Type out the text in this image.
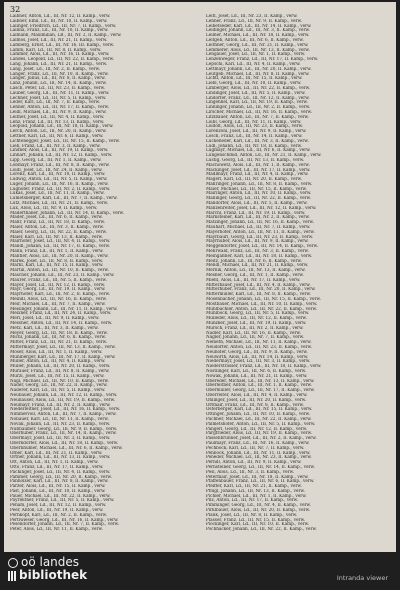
32
Laibner, Anton, Ld., III, Nr. 12, II. Kamp., verw.
Laibner, Emil, Ld., III, Nr. 10, II. Kamp., verw.
Lalinger, Friedrich, Ld., III, Nr. 7, II. Kamp., verw.
Lallina, Franz, Ld., III, Nr. 10, II. Kamp., verw.
Lalmann, Maximilian, LB., III, Nr. 2, II. Kamp., verw.
Lalmos, Josef, Ld., III, Nr. 21, II. Kamp., verw.
Lamberg, Ernst, Ld., III, Nr. 16, III. Kamp., verw.
Lamm, Karl, Ld., III, Nr. 8, II. Kamp., verw.
Lammer, Alois, Ld., III, Nr. 16, II. Kamp., verw.
Landes, Leopold, Ld., III, Nr. 22, II. Kamp., verw.
Lang, Johann, Ld., III, Nr. 21, II. Kamp., verw.
Lang, Josef, Ld., III, Nr. 2, II. Kamp., verw.
Langer, Franz, Ld., III, Nr. 10, II. Kamp., verw.
Langer, Julius, Ld., III, Nr. 8, II. Kamp., verw.
Lanz, Johann, Ld., III, Nr. 14, II. Kamp., verw.
Lasch, Peter, Ld., III, Nr. 23, II. Kamp., verw.
Lauber, Georg, Ld., III, Nr. 11, II. Kamp., verw.
Lechner, Josef, Ld., III, Nr. 5, II. Kamp., verw.
Leder, Karl, Ld., III, Nr. 7, II. Kamp., verw.
Lehner, Anton, Ld., III, Nr. 17, II. Kamp., verw.
Leidl, Michael, Ld., III, Nr. 9, II. Kamp., verw.
Leitner, Josef, Ld., III, Nr. 4, II. Kamp., verw.
Lenz, Franz, Ld., III, Nr. 13, II. Kamp., verw.
Leopold, Johann, Ld., III, Nr. 18, II. Kamp., verw.
Lerch, Anton, Ld., III, Nr. 20, II. Kamp., verw.
Lettner, Karl, Ld., III, Nr. 6, II. Kamp., verw.
Lichtenegger, Josef, Ld., III, Nr. 15, II. Kamp., verw.
Lieb, Franz, Ld., III, Nr. 3, II. Kamp., verw.
Lindner, Alois, Ld., III, Nr. 19, II. Kamp., verw.
Linhart, Johann, Ld., III, Nr. 12, II. Kamp., verw.
Lipp, Georg, Ld., III, Nr. 1, II. Kamp., verw.
Lobmayr, Franz, Ld., III, Nr. 8, II. Kamp., verw.
Loidl, Josef, Ld., III, Nr. 24, II. Kamp., verw.
Lorenz, Karl, Ld., III, Nr. 10, II. Kamp., verw.
Ludwig, Anton, Ld., III, Nr. 5, II. Kamp., verw.
Luger, Johann, Ld., III, Nr. 16, II. Kamp., verw.
Lughofer, Franz, Ld., III, Nr. 2, II. Kamp., verw.
Lukas, Josef, Ld., III, Nr. 11, II. Kamp., verw.
Lumetsberger, Karl, Ld., III, Nr. 7, II. Kamp., verw.
Lutz, Michael, Ld., III, Nr. 21, II. Kamp., verw.
Lux, Alois, Ld., III, Nr. 9, II. Kamp., verw.
Maderthaner, Johann, Ld., III, Nr. 14, II. Kamp., verw.
Mader, Josef, Ld., III, Nr. 6, II. Kamp., verw.
Mahr, Franz, Ld., III, Nr. 18, II. Kamp., verw.
Maier, Anton, Ld., III, Nr. 3, II. Kamp., verw.
Maier, Georg, Ld., III, Nr. 22, II. Kamp., verw.
Maier, Karl, Ld., III, Nr. 13, II. Kamp., verw.
Mairhofer, Josef, Ld., III, Nr. 4, II. Kamp., verw.
Mandl, Johann, Ld., III, Nr. 17, II. Kamp., verw.
Mann, Franz, Ld., III, Nr. 1, II. Kamp., verw.
Mantler, Alois, Ld., III, Nr. 20, II. Kamp., verw.
Marek, Josef, Ld., III, Nr. 8, II. Kamp., verw.
Markl, Karl, Ld., III, Nr. 15, II. Kamp., verw.
Martin, Anton, Ld., III, Nr. 10, II. Kamp., verw.
Mascher, Johann, Ld., III, Nr. 23, II. Kamp., verw.
Maurer, Franz, Ld., III, Nr. 5, II. Kamp., verw.
Mayer, Josef, Ld., III, Nr. 12, II. Kamp., verw.
Mayr, Georg, Ld., III, Nr. 19, II. Kamp., verw.
Mayrhofer, Karl, Ld., III, Nr. 2, II. Kamp., verw.
Meindl, Alois, Ld., III, Nr. 16, II. Kamp., verw.
Meir, Michael, Ld., III, Nr. 7, II. Kamp., verw.
Meisinger, Johann, Ld., III, Nr. 11, II. Kamp., verw.
Meixner, Franz, Ld., III, Nr. 24, II. Kamp., verw.
Merl, Josef, Ld., III, Nr. 9, II. Kamp., verw.
Messner, Anton, Ld., III, Nr. 14, II. Kamp., verw.
Metz, Karl, Ld., III, Nr. 3, II. Kamp., verw.
Meyer, Georg, Ld., III, Nr. 18, II. Kamp., verw.
Michl, Johann, Ld., III, Nr. 6, II. Kamp., verw.
Mitter, Franz, Ld., III, Nr. 21, II. Kamp., verw.
Mittermayr, Josef, Ld., III, Nr. 13, II. Kamp., verw.
Moser, Alois, Ld., III, Nr. 1, II. Kamp., verw.
Mühlberger, Karl, Ld., III, Nr. 17, II. Kamp., verw.
Müller, Anton, Ld., III, Nr. 4, II. Kamp., verw.
Müller, Johann, Ld., III, Nr. 20, II. Kamp., verw.
Murauer, Franz, Ld., III, Nr. 8, II. Kamp., verw.
Mürzl, Josef, Ld., III, Nr. 15, II. Kamp., verw.
Nagl, Michael, Ld., III, Nr. 10, II. Kamp., verw.
Nader, Georg, Ld., III, Nr. 22, II. Kamp., verw.
Naderer, Karl, Ld., III, Nr. 5, II. Kamp., verw.
Neubauer, Johann, Ld., III, Nr. 12, II. Kamp., verw.
Neuhauser, Alois, Ld., III, Nr. 19, II. Kamp., verw.
Neumayr, Franz, Ld., III, Nr. 2, II. Kamp., verw.
Niederleitner, Josef, Ld., III, Nr. 16, II. Kamp., verw.
Nimmervoll, Anton, Ld., III, Nr. 7, II. Kamp., verw.
Nöbauer, Karl, Ld., III, Nr. 11, II. Kamp., verw.
Novak, Johann, Ld., III, Nr. 23, II. Kamp., verw.
Nußbaumer, Georg, Ld., III, Nr. 9, II. Kamp., verw.
Oberhuber, Franz, Ld., III, Nr. 14, II. Kamp., verw.
Obermayr, Josef, Ld., III, Nr. 3, II. Kamp., verw.
Oberndorfer, Alois, Ld., III, Nr. 18, II. Kamp., verw.
Obernhumer, Michael, Ld., III, Nr. 6, II. Kamp., verw.
Ofner, Karl, Ld., III, Nr. 21, II. Kamp., verw.
Ortner, Johann, Ld., III, Nr. 13, II. Kamp., verw.
Ott, Anton, Ld., III, Nr. 1, II. Kamp., verw.
Otto, Franz, Ld., III, Nr. 17, II. Kamp., verw.
Pachinger, Josef, Ld., III, Nr. 4, II. Kamp., verw.
Pammer, Georg, Ld., III, Nr. 20, II. Kamp., verw.
Panholzer, Karl, Ld., III, Nr. 8, II. Kamp., verw.
Parzer, Alois, Ld., III, Nr. 15, II. Kamp., verw.
Past, Johann, Ld., III, Nr. 10, II. Kamp., verw.
Pauer, Michael, Ld., III, Nr. 22, II. Kamp., verw.
Payrleitner, Franz, Ld., III, Nr. 5, II. Kamp., verw.
Peham, Josef, Ld., III, Nr. 12, II. Kamp., verw.
Peer, Anton, Ld., III, Nr. 19, II. Kamp., verw.
Pernkopf, Karl, Ld., III, Nr. 2, II. Kamp., verw.
Pertlwieser, Georg, Ld., III, Nr. 16, II. Kamp., verw.
Pesendorfer, Johann, Ld., III, Nr. 7, II. Kamp., verw.
Peter, Alois, Ld., III, Nr. 11, II. Kamp., verw.
Leitl, Josef, Ld., III, Nr. 23, II. Kamp., verw.
Lehner, Franz, Ld., III, Nr. 9, II. Kamp., verw.
Leibetseder, Karl, Ld., III, Nr. 14, II. Kamp., verw.
Leidinger, Johann, Ld., III, Nr. 3, II. Kamp., verw.
Leimer, Michael, Ld., III, Nr. 18, II. Kamp., verw.
Leitgeb, Anton, Ld., III, Nr. 6, II. Kamp., verw.
Leithner, Georg, Ld., III, Nr. 21, II. Kamp., verw.
Lemmerer, Alois, Ld., III, Nr. 13, II. Kamp., verw.
Lengauer, Josef, Ld., III, Nr. 1, II. Kamp., verw.
Lenzenweger, Franz, Ld., III, Nr. 17, II. Kamp., verw.
Lepschi, Karl, Ld., III, Nr. 4, II. Kamp., verw.
Lettmayr, Johann, Ld., III, Nr. 20, II. Kamp., verw.
Leutgeb, Michael, Ld., III, Nr. 8, II. Kamp., verw.
Lichtl, Anton, Ld., III, Nr. 15, II. Kamp., verw.
Liebl, Georg, Ld., III, Nr. 10, II. Kamp., verw.
Limberger, Alois, Ld., III, Nr. 22, II. Kamp., verw.
Lindinger, Josef, Ld., III, Nr. 5, II. Kamp., verw.
Lindorfer, Franz, Ld., III, Nr. 12, II. Kamp., verw.
Lingenhel, Karl, Ld., III, Nr. 19, II. Kamp., verw.
Linninger, Johann, Ld., III, Nr. 2, II. Kamp., verw.
Lirscher, Michael, Ld., III, Nr. 16, II. Kamp., verw.
Litzlbauer, Anton, Ld., III, Nr. 7, II. Kamp., verw.
Loibl, Georg, Ld., III, Nr. 11, II. Kamp., verw.
Loidolt, Alois, Ld., III, Nr. 23, II. Kamp., verw.
Lorenzoni, Josef, Ld., III, Nr. 9, II. Kamp., verw.
Lösch, Franz, Ld., III, Nr. 14, II. Kamp., verw.
Luckeneder, Karl, Ld., III, Nr. 3, II. Kamp., verw.
Ludl, Johann, Ld., III, Nr. 18, II. Kamp., verw.
Lugmayr, Michael, Ld., III, Nr. 6, II. Kamp., verw.
Lungenschmid, Anton, Ld., III, Nr. 21, II. Kamp., verw.
Lustig, Georg, Ld., III, Nr. 13, II. Kamp., verw.
Machowetz, Alois, Ld., III, Nr. 1, II. Kamp., verw.
Mackinger, Josef, Ld., III, Nr. 17, II. Kamp., verw.
Madlmayr, Franz, Ld., III, Nr. 4, II. Kamp., verw.
Magerl, Karl, Ld., III, Nr. 20, II. Kamp., verw.
Mahringer, Johann, Ld., III, Nr. 8, II. Kamp., verw.
Maier, Michael, Ld., III, Nr. 15, II. Kamp., verw.
Mairinger, Anton, Ld., III, Nr. 10, II. Kamp., verw.
Mallinger, Georg, Ld., III, Nr. 22, II. Kamp., verw.
Mandorfer, Alois, Ld., III, Nr. 5, II. Kamp., verw.
Manzenreiter, Josef, Ld., III, Nr. 12, II. Kamp., verw.
Marchl, Franz, Ld., III, Nr. 19, II. Kamp., verw.
Marksteiner, Karl, Ld., III, Nr. 2, II. Kamp., verw.
Matzinger, Johann, Ld., III, Nr. 16, II. Kamp., verw.
Mauhart, Michael, Ld., III, Nr. 7, II. Kamp., verw.
Mayerhofer, Anton, Ld., III, Nr. 11, II. Kamp., verw.
Mayrbäurl, Georg, Ld., III, Nr. 23, II. Kamp., verw.
Mayrhuber, Alois, Ld., III, Nr. 9, II. Kamp., verw.
Meggendorfer, Josef, Ld., III, Nr. 14, II. Kamp., verw.
Mehrwald, Franz, Ld., III, Nr. 3, II. Kamp., verw.
Meingaßner, Karl, Ld., III, Nr. 18, II. Kamp., verw.
Meitz, Johann, Ld., III, Nr. 6, II. Kamp., verw.
Mendl, Michael, Ld., III, Nr. 21, II. Kamp., verw.
Mernik, Anton, Ld., III, Nr. 13, II. Kamp., verw.
Mesner, Georg, Ld., III, Nr. 1, II. Kamp., verw.
Mießl, Alois, Ld., III, Nr. 17, II. Kamp., verw.
Mitterbauer, Josef, Ld., III, Nr. 4, II. Kamp., verw.
Mitterhuber, Franz, Ld., III, Nr. 20, II. Kamp., verw.
Mittermüller, Karl, Ld., III, Nr. 8, II. Kamp., verw.
Mösenbacher, Johann, Ld., III, Nr. 15, II. Kamp., verw.
Mostbauer, Michael, Ld., III, Nr. 10, II. Kamp., verw.
Mühlbachler, Anton, Ld., III, Nr. 22, II. Kamp., verw.
Mühlböck, Georg, Ld., III, Nr. 5, II. Kamp., verw.
Mülleder, Alois, Ld., III, Nr. 12, II. Kamp., verw.
Münzker, Josef, Ld., III, Nr. 19, II. Kamp., verw.
Mursch, Franz, Ld., III, Nr. 2, II. Kamp., verw.
Nadler, Karl, Ld., III, Nr. 16, II. Kamp., verw.
Nagler, Johann, Ld., III, Nr. 7, II. Kamp., verw.
Nemeth, Michael, Ld., III, Nr. 11, II. Kamp., verw.
Neudorfer, Anton, Ld., III, Nr. 23, II. Kamp., verw.
Neuhofer, Georg, Ld., III, Nr. 9, II. Kamp., verw.
Neuwirth, Alois, Ld., III, Nr. 14, II. Kamp., verw.
Niedermayr, Josef, Ld., III, Nr. 3, II. Kamp., verw.
Niederstrasser, Franz, Ld., III, Nr. 18, II. Kamp., verw.
Nöstlinger, Karl, Ld., III, Nr. 6, II. Kamp., verw.
Nowak, Johann, Ld., III, Nr. 21, II. Kamp., verw.
Obereder, Michael, Ld., III, Nr. 13, II. Kamp., verw.
Oberleitner, Anton, Ld., III, Nr. 1, II. Kamp., verw.
Obermüller, Georg, Ld., III, Nr. 17, II. Kamp., verw.
Oberreiter, Alois, Ld., III, Nr. 4, II. Kamp., verw.
Öhlinger, Josef, Ld., III, Nr. 20, II. Kamp., verw.
Ortmair, Franz, Ld., III, Nr. 8, II. Kamp., verw.
Osterberger, Karl, Ld., III, Nr. 15, II. Kamp., verw.
Ottinger, Johann, Ld., III, Nr. 10, II. Kamp., verw.
Pachner, Michael, Ld., III, Nr. 22, II. Kamp., verw.
Palmetshofer, Anton, Ld., III, Nr. 5, II. Kamp., verw.
Pangerl, Georg, Ld., III, Nr. 12, II. Kamp., verw.
Pargfrieder, Alois, Ld., III, Nr. 19, II. Kamp., verw.
Passenbrunner, Josef, Ld., III, Nr. 2, II. Kamp., verw.
Paulmayr, Franz, Ld., III, Nr. 16, II. Kamp., verw.
Pechböck, Karl, Ld., III, Nr. 7, II. Kamp., verw.
Pehböck, Johann, Ld., III, Nr. 11, II. Kamp., verw.
Peneder, Michael, Ld., III, Nr. 23, II. Kamp., verw.
Perndl, Anton, Ld., III, Nr. 9, II. Kamp., verw.
Pernsteiner, Georg, Ld., III, Nr. 14, II. Kamp., verw.
Pesl, Alois, Ld., III, Nr. 3, II. Kamp., verw.
Petermair, Josef, Ld., III, Nr. 18, II. Kamp., verw.
Pfaffenbauer, Franz, Ld., III, Nr. 6, II. Kamp., verw.
Pfeiffer, Karl, Ld., III, Nr. 21, II. Kamp., verw.
Pflügl, Johann, Ld., III, Nr. 13, II. Kamp., verw.
Pichler, Michael, Ld., III, Nr. 1, II. Kamp., verw.
Pilz, Anton, Ld., III, Nr. 17, II. Kamp., verw.
Pimminger, Georg, Ld., III, Nr. 4, II. Kamp., verw.
Pirklbauer, Alois, Ld., III, Nr. 20, II. Kamp., verw.
Plank, Josef, Ld., III, Nr. 8, II. Kamp., verw.
Plasser, Franz, Ld., III, Nr. 15, II. Kamp., verw.
Plöckinger, Karl, Ld., III, Nr. 10, II. Kamp., verw.
Pöchhacker, Johann, Ld., III, Nr. 22, II. Kamp., verw.
oö landes
bibliothek	Intranda viewer
